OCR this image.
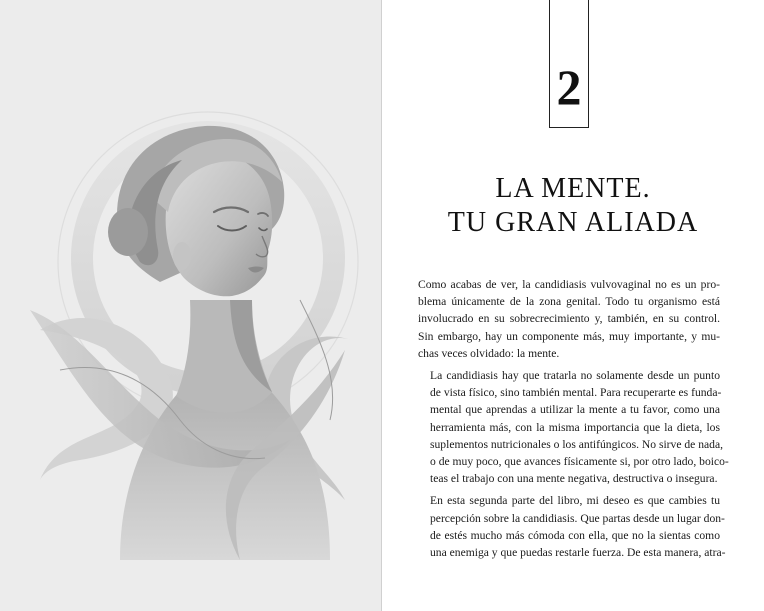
2
LA MENTE.
TU GRAN ALIADA

Como acabas de ver, la candidiasis vulvovaginal no es un pro-
blema únicamente de la zona genital. Todo tu organismo está
involucrado en su sobrecrecimiento y, también, en su control.
Sin embargo, hay un componente más, muy importante, y mu-
chas veces olvidado: la mente.

La candidiasis hay que tratarla no solamente desde un punto
de vista físico, sino también mental. Para recuperarte es funda-
mental que aprendas a utilizar la mente a tu favor, como una
herramienta más, con la misma importancia que la dieta, los
suplementos nutricionales o los antifúngicos. No sirve de nada,
o de muy poco, que avances físicamente si, por otro lado, boico-
teas el trabajo con una mente negativa, destructiva o insegura.

En esta segunda parte del libro, mi deseo es que cambies tu
percepción sobre la candidiasis. Que partas desde un lugar don-
de estés mucho más cómoda con ella, que no la sientas como
una enemiga y que puedas restarle fuerza. De esta manera, atra-
